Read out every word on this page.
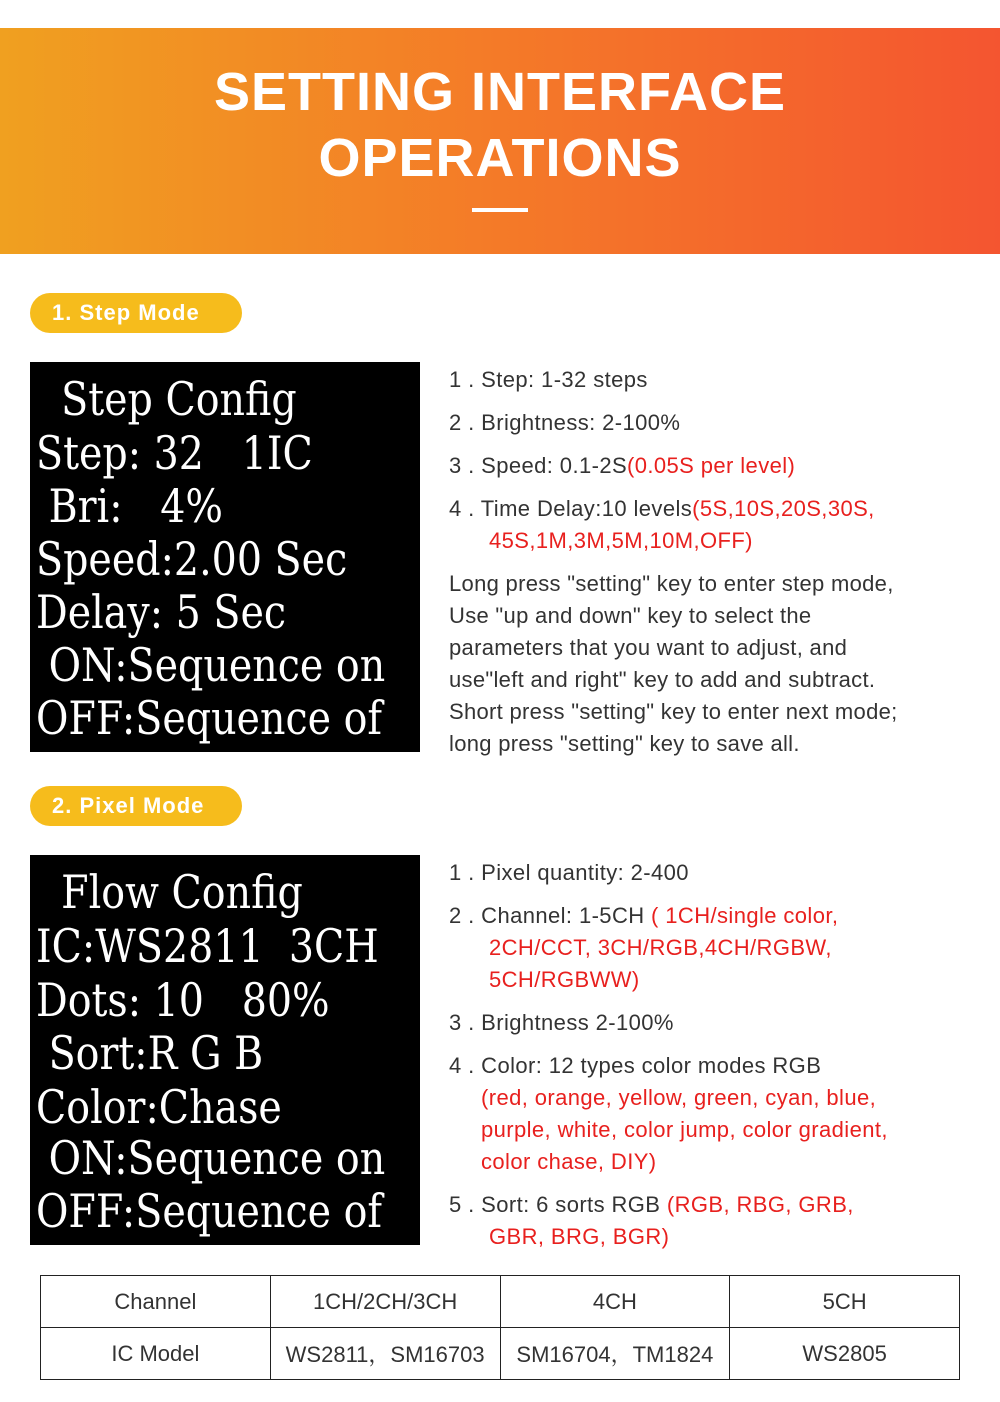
SETTING INTERFACE
OPERATIONS
1. Step Mode
Step Config
Step: 32   1IC
Bri:   4%
Speed:2.00 Sec
Delay: 5 Sec
ON:Sequence on
OFF:Sequence of
1 . Step: 1-32 steps
2 . Brightness: 2-100%
3 . Speed: 0.1-2S(0.05S per level)
4 . Time Delay:10 levels(5S,10S,20S,30S,
45S,1M,3M,5M,10M,OFF)
Long press "setting" key to enter step mode,
Use "up and down" key to select the
parameters that you want to adjust, and
use"left and right" key to add and subtract.
Short press "setting" key to enter next mode;
long press "setting" key to save all.
2. Pixel Mode
Flow Config
IC:WS2811  3CH
Dots: 10   80%
Sort:R G B
Color:Chase
ON:Sequence on
OFF:Sequence of
1 . Pixel quantity: 2-400
2 . Channel: 1-5CH ( 1CH/single color,
2CH/CCT, 3CH/RGB,4CH/RGBW,
5CH/RGBWW)
3 . Brightness 2-100%
4 . Color: 12 types color modes RGB
(red, orange, yellow, green, cyan, blue,
purple, white, color jump, color gradient,
color chase, DIY)
5 . Sort: 6 sorts RGB (RGB, RBG, GRB,
GBR, BRG, BGR)
Channel	1CH/2CH/3CH	4CH	5CH
IC Model	WS2811，SM16703	SM16704，TM1824	WS2805
